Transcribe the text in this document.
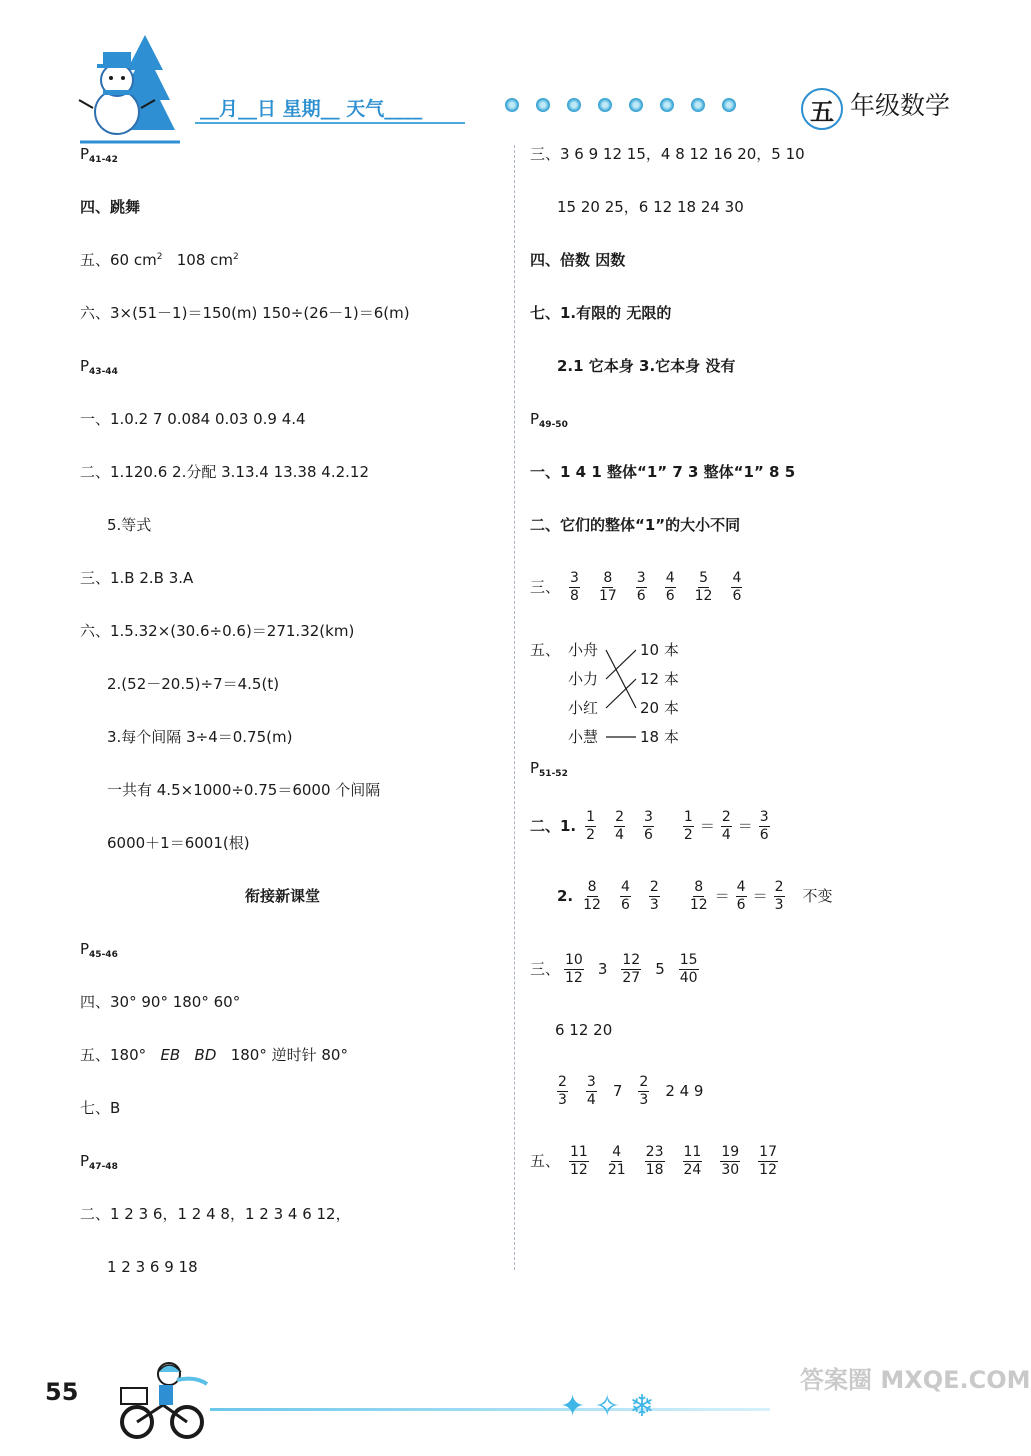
__月__日 星期__ 天气____	五 年级数学
$P_{41-42}$
四、跳舞
五、60 $cm^2$ 108 $cm^2$
六、3×(51－1)＝150(m) 150÷(26－1)＝6(m)
$P_{43-44}$
一、1.0.2 7 0.084 0.03 0.9 4.4
二、1.120.6 2.分配 3.13.4 13.38 4.2.12
5.等式
三、1.B 2.B 3.A
六、1.5.32×(30.6÷0.6)＝271.32(km)
2.(52－20.5)÷7＝4.5(t)
3.每个间隔 3÷4＝0.75(m)
一共有 4.5×1000÷0.75＝6000 个间隔
6000＋1＝6001(根)
衔接新课堂
$P_{45-46}$
四、30° 90° 180° 60°
五、180° EB BD 180° 逆时针 80°
七、B
$P_{47-48}$
二、1 2 3 6，1 2 4 8，1 2 3 4 6 12，
1 2 3 6 9 18
三、3 6 9 12 15，4 8 12 16 20，5 10
15 20 25，6 12 18 24 30
四、倍数 因数
七、1.有限的 无限的
2.1 它本身 3.它本身 没有
$P_{49-50}$
一、1 4 1 整体“1” 7 3 整体“1” 8 5
二、它们的整体“1”的大小不同
三、 $\frac{3}{8} \frac{8}{17} \frac{3}{6} \frac{4}{6} \frac{5}{12} \frac{4}{6}$
五、 小舟
小力
小红
小慧
10 本
12 本
20 本
18 本
$P_{51-52}$
二、1. $\frac{1}{2} \frac{2}{4} \frac{3}{6} \frac{1}{2} = \frac{2}{4} = \frac{3}{6}$
2. $\frac{8}{12} \frac{4}{6} \frac{2}{3} \frac{8}{12} = \frac{4}{6} = \frac{2}{3}$ 不变
三、 $\frac{10}{12} 3 \frac{12}{27} 5 \frac{15}{40}$
6 12 20
$\frac{2}{3} \frac{3}{4} 7 \frac{2}{3} 2$ 4 9
五、 $\frac{11}{12} \frac{4}{21} \frac{23}{18} \frac{11}{24} \frac{19}{30} \frac{17}{12}$
55	✦ ✧ ❄
答案圈 MXQE.COM
